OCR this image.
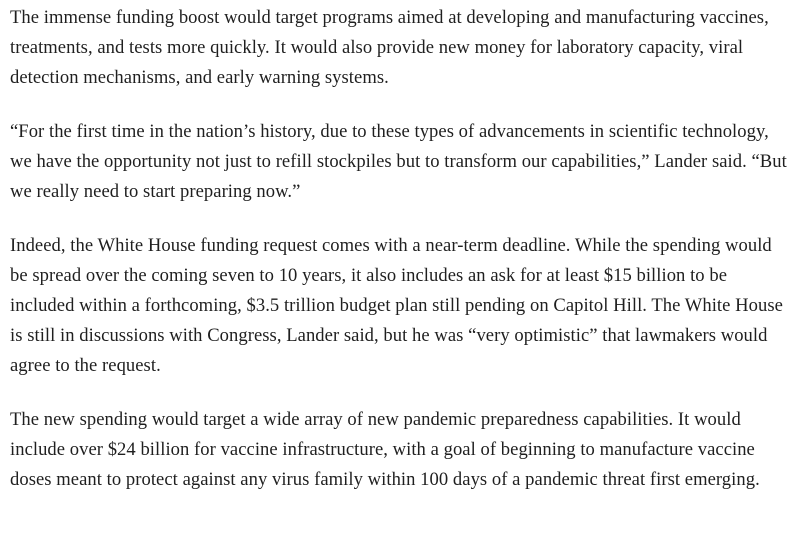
The immense funding boost would target programs aimed at developing and manufacturing vaccines, treatments, and tests more quickly. It would also provide new money for laboratory capacity, viral detection mechanisms, and early warning systems.

“For the first time in the nation’s history, due to these types of advancements in scientific technology, we have the opportunity not just to refill stockpiles but to transform our capabilities,” Lander said. “But we really need to start preparing now.”

Indeed, the White House funding request comes with a near-term deadline. While the spending would be spread over the coming seven to 10 years, it also includes an ask for at least $15 billion to be included within a forthcoming, $3.5 trillion budget plan still pending on Capitol Hill. The White House is still in discussions with Congress, Lander said, but he was “very optimistic” that lawmakers would agree to the request.

The new spending would target a wide array of new pandemic preparedness capabilities. It would include over $24 billion for vaccine infrastructure, with a goal of beginning to manufacture vaccine doses meant to protect against any virus family within 100 days of a pandemic threat first emerging.
